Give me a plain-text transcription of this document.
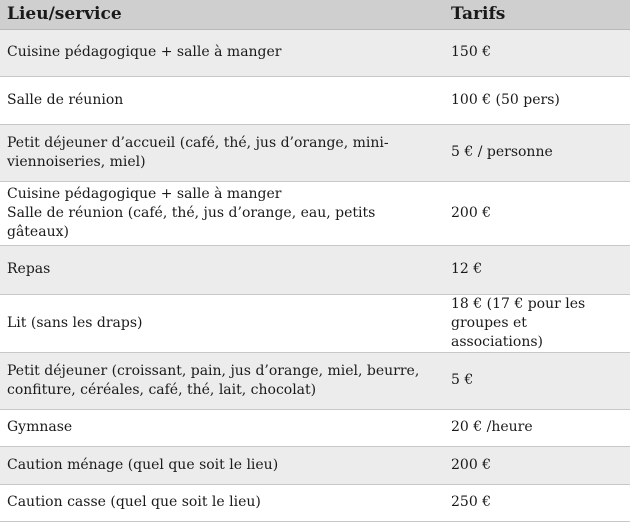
Lieu/service	Tarifs

Cuisine pédagogique + salle à manger	150 €

Salle de réunion	100 € (50 pers)

Petit déjeuner d’accueil (café, thé, jus d’orange, mini-
viennoiseries, miel)	5 € / personne

Cuisine pédagogique + salle à manger
Salle de réunion (café, thé, jus d’orange, eau, petits gâteaux)	200 €

Repas	12 €

Lit (sans les draps)	18 € (17 € pour les
groupes et associations)

Petit déjeuner (croissant, pain, jus d’orange, miel, beurre,
confiture, céréales, café, thé, lait, chocolat)	5 €

Gymnase	20 € /heure

Caution ménage (quel que soit le lieu)	200 €

Caution casse (quel que soit le lieu)	250 €
